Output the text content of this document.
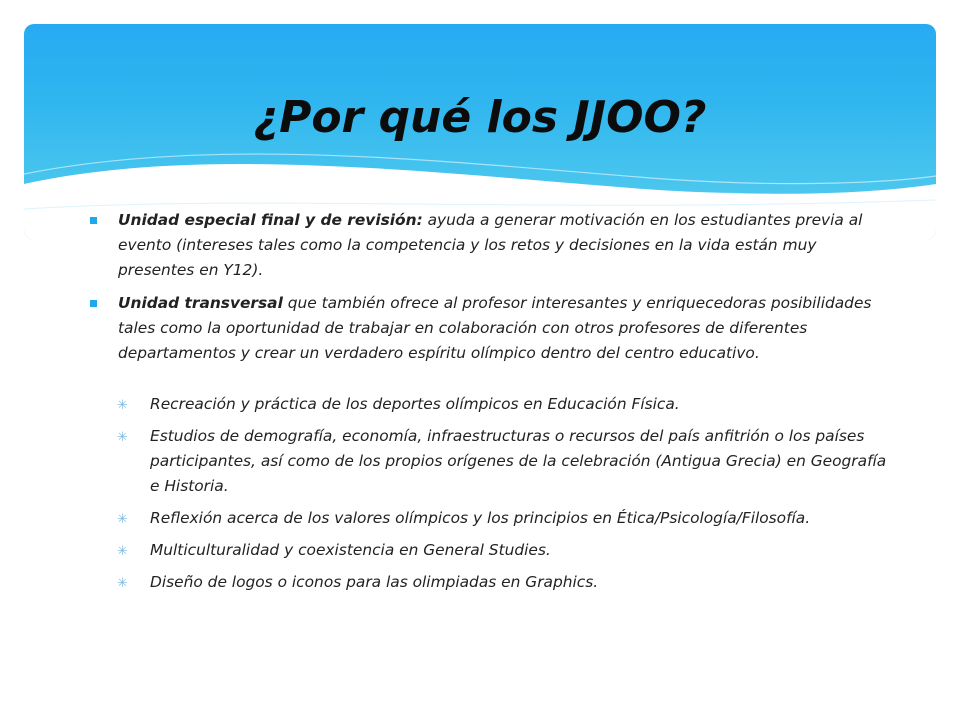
¿Por qué los JJOO?

Unidad especial final y de revisión: ayuda a generar motivación en los estudiantes previa al evento (intereses tales como la competencia y los retos y decisiones en la vida están muy presentes en Y12).

Unidad transversal que también ofrece al profesor interesantes y enriquecedoras posibilidades tales como la oportunidad de trabajar en colaboración con otros profesores de diferentes departamentos y crear un verdadero espíritu olímpico dentro del centro educativo.

✳ Recreación y práctica de los deportes olímpicos en Educación Física.

✳ Estudios de demografía, economía, infraestructuras o recursos del país anfitrión o los países participantes, así como de los propios orígenes de la celebración (Antigua Grecia) en Geografía e Historia.

✳ Reflexión acerca de los valores olímpicos y los principios en Ética/Psicología/Filosofía.

✳ Multiculturalidad y coexistencia en General Studies.

✳ Diseño de logos o iconos para las olimpiadas en Graphics.
